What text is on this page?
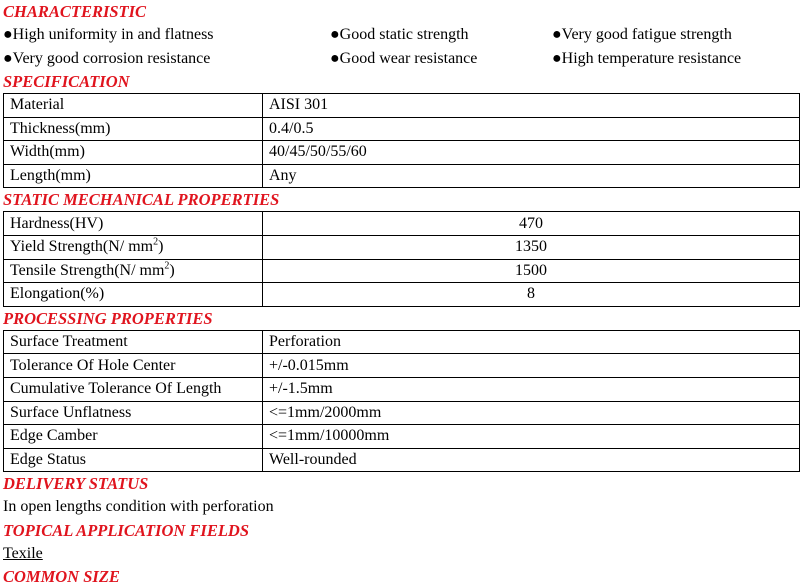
CHARACTERISTIC
●High uniformity in and flatness	●Good static strength	●Very good fatigue strength
●Very good corrosion resistance	●Good wear resistance	●High temperature resistance
SPECIFICATION
Material	AISI 301
Thickness(mm)	0.4/0.5
Width(mm)	40/45/50/55/60
Length(mm)	Any
STATIC MECHANICAL PROPERTIES
Hardness(HV)	470
Yield Strength(N/ $mm^2$)	1350
Tensile Strength(N/ $mm^2$)	1500
Elongation(%)	8
PROCESSING PROPERTIES
Surface Treatment	Perforation
Tolerance Of Hole Center	+/-0.015mm
Cumulative Tolerance Of Length	+/-1.5mm
Surface Unflatness	<=1mm/2000mm
Edge Camber	<=1mm/10000mm
Edge Status	Well-rounded
DELIVERY STATUS
In open lengths condition with perforation
TOPICAL APPLICATION FIELDS
Texile
COMMON SIZE
